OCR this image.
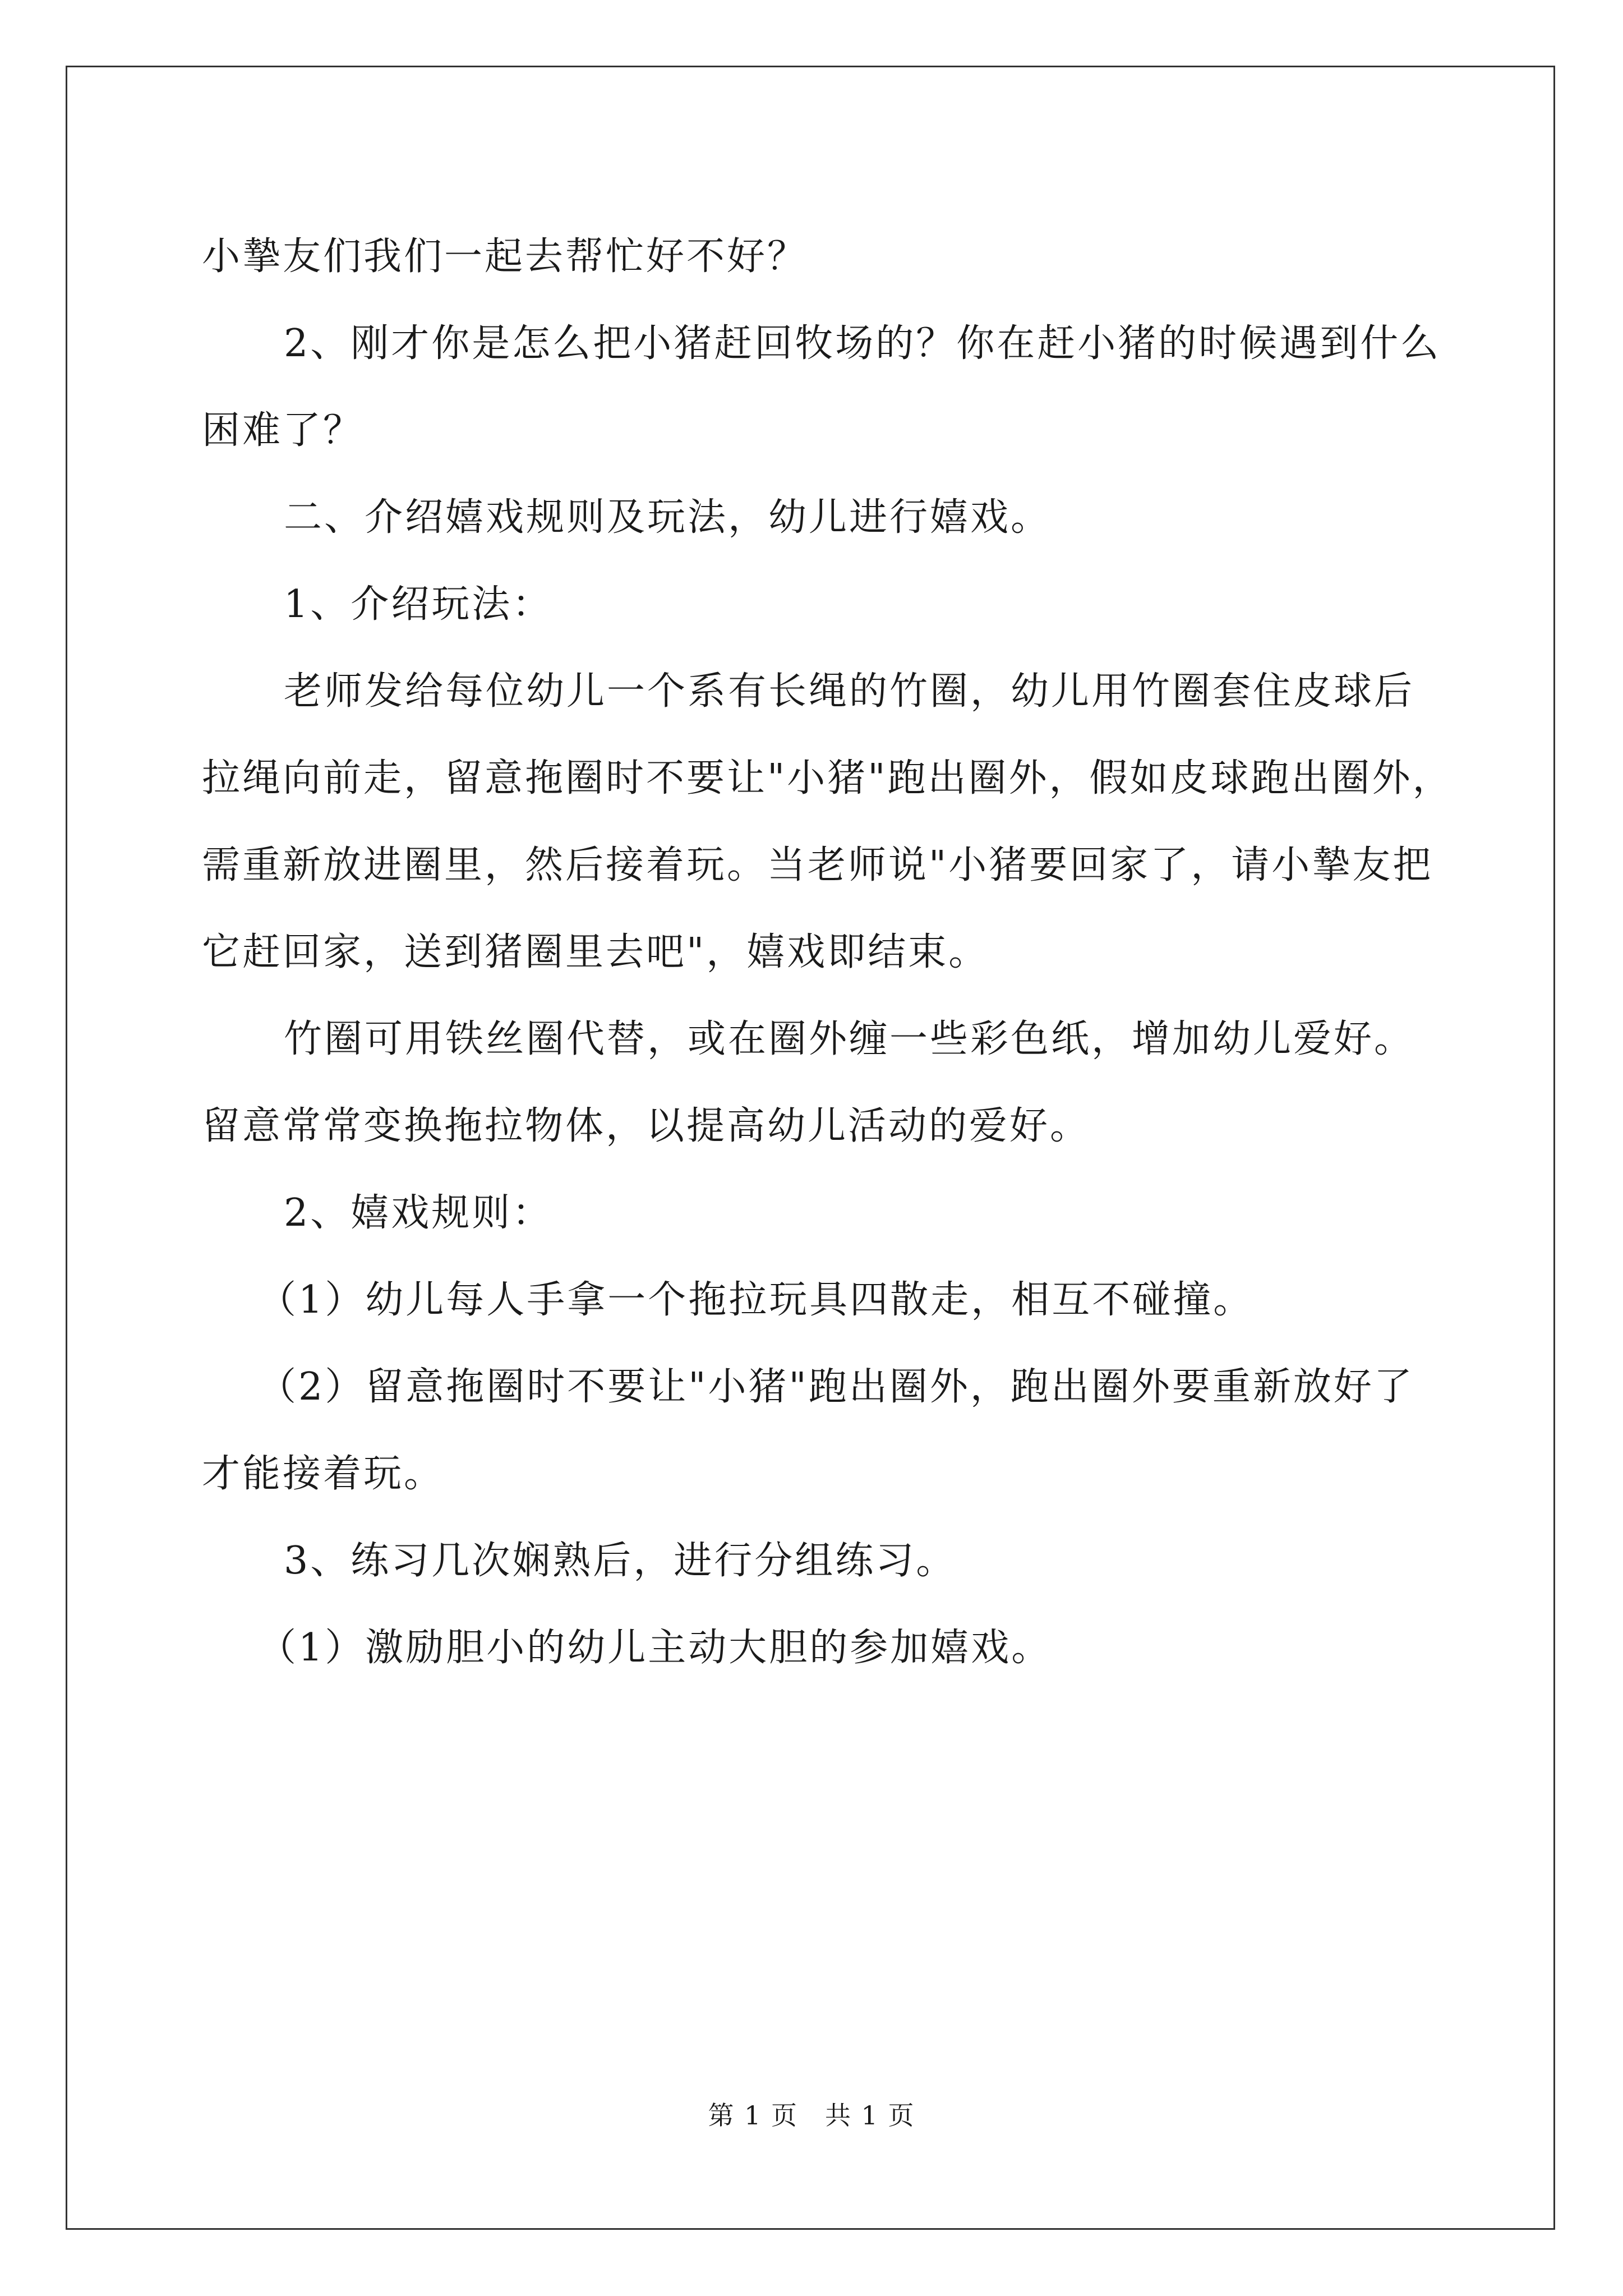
小摯友们我们一起去帮忙好不好？

2、刚才你是怎么把小猪赶回牧场的？你在赶小猪的时候遇到什么

困难了？

二、介绍嬉戏规则及玩法，幼儿进行嬉戏。

1、介绍玩法：

老师发给每位幼儿一个系有长绳的竹圈，幼儿用竹圈套住皮球后

拉绳向前走，留意拖圈时不要让"小猪"跑出圈外，假如皮球跑出圈外，

需重新放进圈里，然后接着玩。当老师说"小猪要回家了，请小摯友把

它赶回家，送到猪圈里去吧"，嬉戏即结束。

竹圈可用铁丝圈代替，或在圈外缠一些彩色纸，增加幼儿爱好。

留意常常变换拖拉物体，以提高幼儿活动的爱好。

2、嬉戏规则：

（1）幼儿每人手拿一个拖拉玩具四散走，相互不碰撞。

（2）留意拖圈时不要让"小猪"跑出圈外，跑出圈外要重新放好了

才能接着玩。

3、练习几次娴熟后，进行分组练习。

（1）激励胆小的幼儿主动大胆的参加嬉戏。

第 1 页　共 1 页
